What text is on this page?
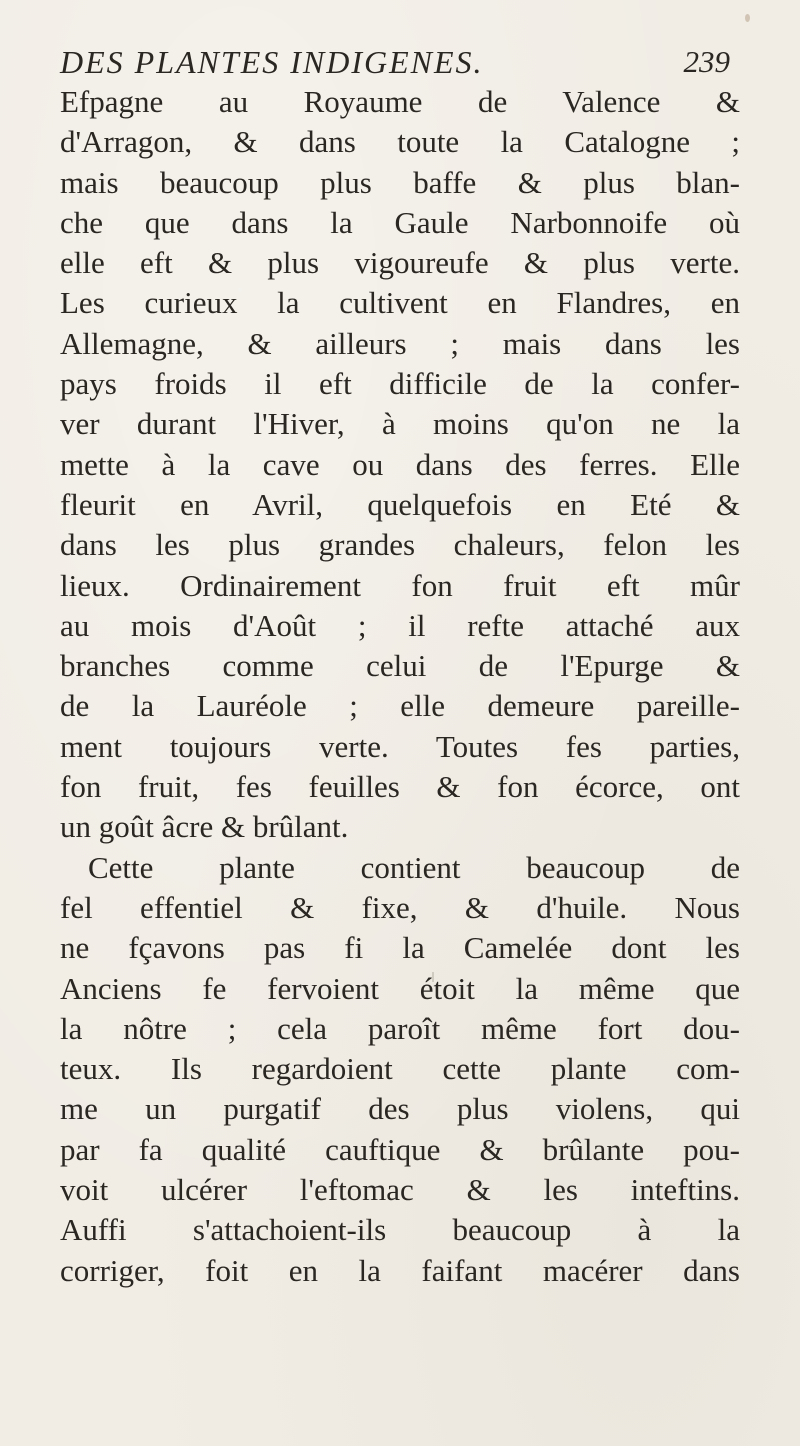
DES PLANTES INDIGENES.	239
Efpagne au Royaume de Valence &
d'Arragon, & dans toute la Catalogne ;
mais beaucoup plus baffe & plus blan-
che que dans la Gaule Narbonnoife où
elle eft & plus vigoureufe & plus verte.
Les curieux la cultivent en Flandres, en
Allemagne, & ailleurs ; mais dans les
pays froids il eft difficile de la confer-
ver durant l'Hiver, à moins qu'on ne la
mette à la cave ou dans des ferres. Elle
fleurit en Avril, quelquefois en Eté &
dans les plus grandes chaleurs, felon les
lieux. Ordinairement fon fruit eft mûr
au mois d'Août ; il refte attaché aux
branches comme celui de l'Epurge &
de la Lauréole ; elle demeure pareille-
ment toujours verte. Toutes fes parties,
fon fruit, fes feuilles & fon écorce, ont
un goût âcre & brûlant.
Cette plante contient beaucoup de
fel effentiel & fixe, & d'huile. Nous
ne fçavons pas fi la Camelée dont les
Anciens fe fervoient étoit la même que
la nôtre ; cela paroît même fort dou-
teux. Ils regardoient cette plante com-
me un purgatif des plus violens, qui
par fa qualité cauftique & brûlante pou-
voit ulcérer l'eftomac & les inteftins.
Auffi s'attachoient-ils beaucoup à la
corriger, foit en la faifant macérer dans
